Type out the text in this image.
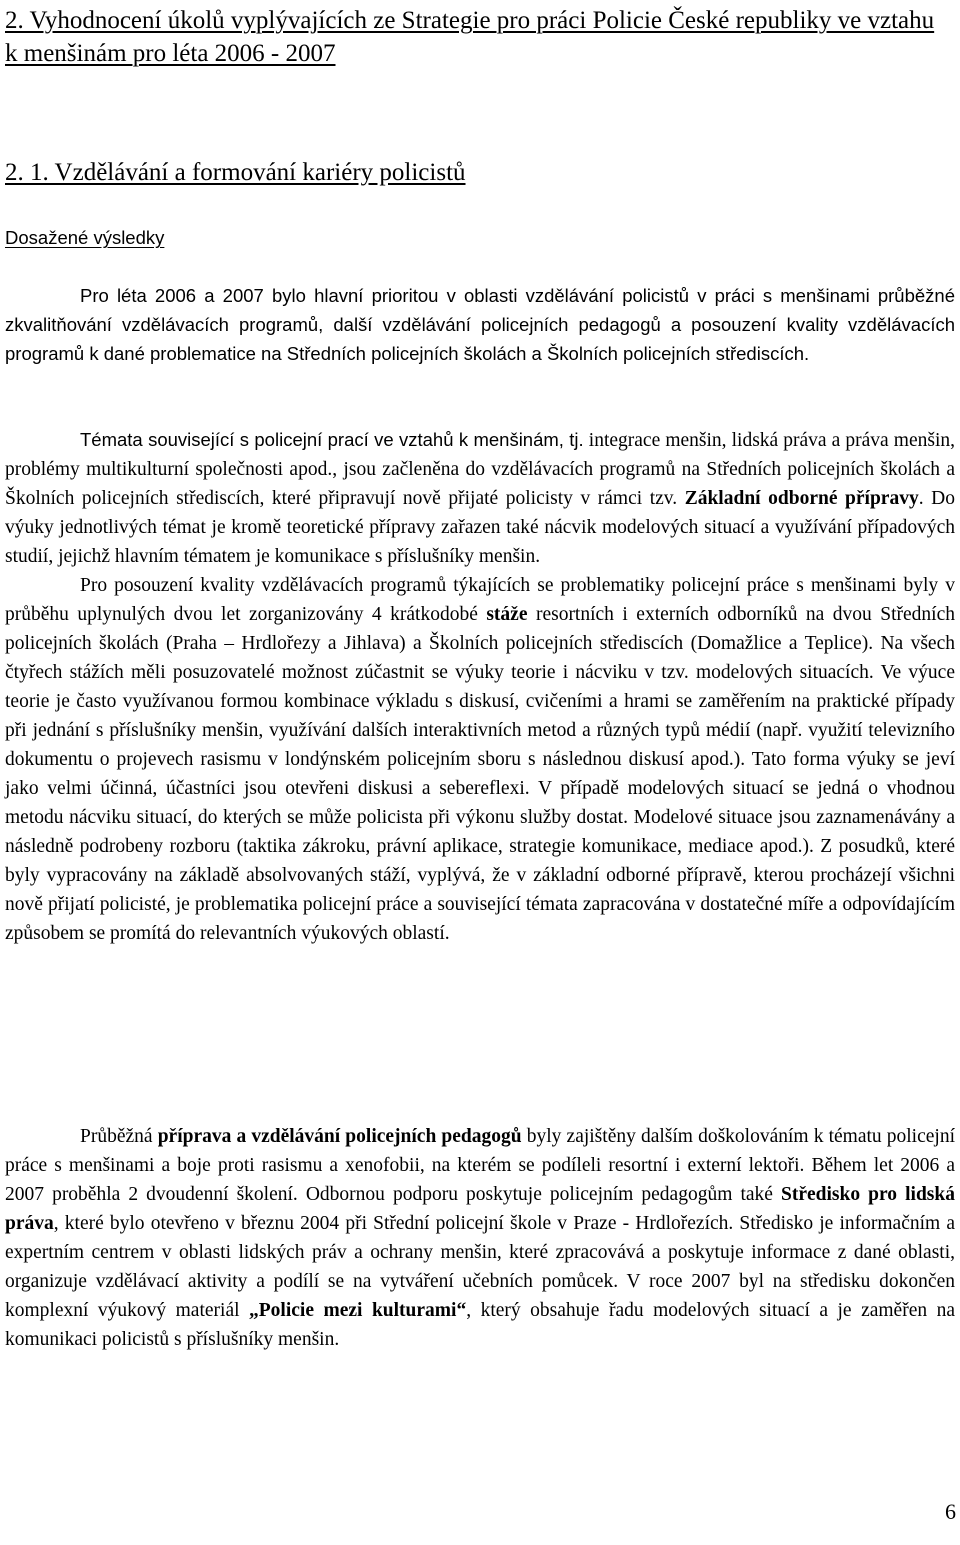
2. Vyhodnocení úkolů vyplývajících ze Strategie pro práci Policie České republiky ve vztahu k menšinám pro léta 2006 - 2007
2. 1. Vzdělávání a formování kariéry policistů
Dosažené výsledky

Pro léta 2006 a 2007 bylo hlavní prioritou v oblasti vzdělávání policistů v práci s menšinami průběžné zkvalitňování vzdělávacích programů, další vzdělávání policejních pedagogů a posouzení kvality vzdělávacích programů k dané problematice na Středních policejních školách a Školních policejních střediscích.

Témata související s policejní prací ve vztahů k menšinám, tj. integrace menšin, lidská práva a práva menšin, problémy multikulturní společnosti apod., jsou začleněna do vzdělávacích programů na Středních policejních školách a Školních policejních střediscích, které připravují nově přijaté policisty v rámci tzv. Základní odborné přípravy. Do výuky jednotlivých témat je kromě teoretické přípravy zařazen také nácvik modelových situací a využívání případových studií, jejichž hlavním tématem je komunikace s příslušníky menšin.

Pro posouzení kvality vzdělávacích programů týkajících se problematiky policejní práce s menšinami byly v průběhu uplynulých dvou let zorganizovány 4 krátkodobé stáže resortních i externích odborníků na dvou Středních policejních školách (Praha – Hrdlořezy a Jihlava) a Školních policejních střediscích (Domažlice a Teplice). Na všech čtyřech stážích měli posuzovatelé možnost zúčastnit se výuky teorie i nácviku v tzv. modelových situacích. Ve výuce teorie je často využívanou formou kombinace výkladu s diskusí, cvičeními a hrami se zaměřením na praktické případy při jednání s příslušníky menšin, využívání dalších interaktivních metod a různých typů médií (např. využití televizního dokumentu o projevech rasismu v londýnském policejním sboru s následnou diskusí apod.). Tato forma výuky se jeví jako velmi účinná, účastníci jsou otevřeni diskusi a sebereflexi. V případě modelových situací se jedná o vhodnou metodu nácviku situací, do kterých se může policista při výkonu služby dostat. Modelové situace jsou zaznamenávány a následně podrobeny rozboru (taktika zákroku, právní aplikace, strategie komunikace, mediace apod.). Z posudků, které byly vypracovány na základě absolvovaných stáží, vyplývá, že v základní odborné přípravě, kterou procházejí všichni nově přijatí policisté, je problematika policejní práce a související témata zapracována v dostatečné míře a odpovídajícím způsobem se promítá do relevantních výukových oblastí.

Průběžná příprava a vzdělávání policejních pedagogů byly zajištěny dalším doškolováním k tématu policejní práce s menšinami a boje proti rasismu a xenofobii, na kterém se podíleli resortní i externí lektoři. Během let 2006 a 2007 proběhla 2 dvoudenní školení. Odbornou podporu poskytuje policejním pedagogům také Středisko pro lidská práva, které bylo otevřeno v březnu 2004 při Střední policejní škole v Praze - Hrdlořezích. Středisko je informačním a expertním centrem v oblasti lidských práv a ochrany menšin, které zpracovává a poskytuje informace z dané oblasti, organizuje vzdělávací aktivity a podílí se na vytváření učebních pomůcek. V roce 2007 byl na středisku dokončen komplexní výukový materiál „Policie mezi kulturami“, který obsahuje řadu modelových situací a je zaměřen na komunikaci policistů s příslušníky menšin.

6
